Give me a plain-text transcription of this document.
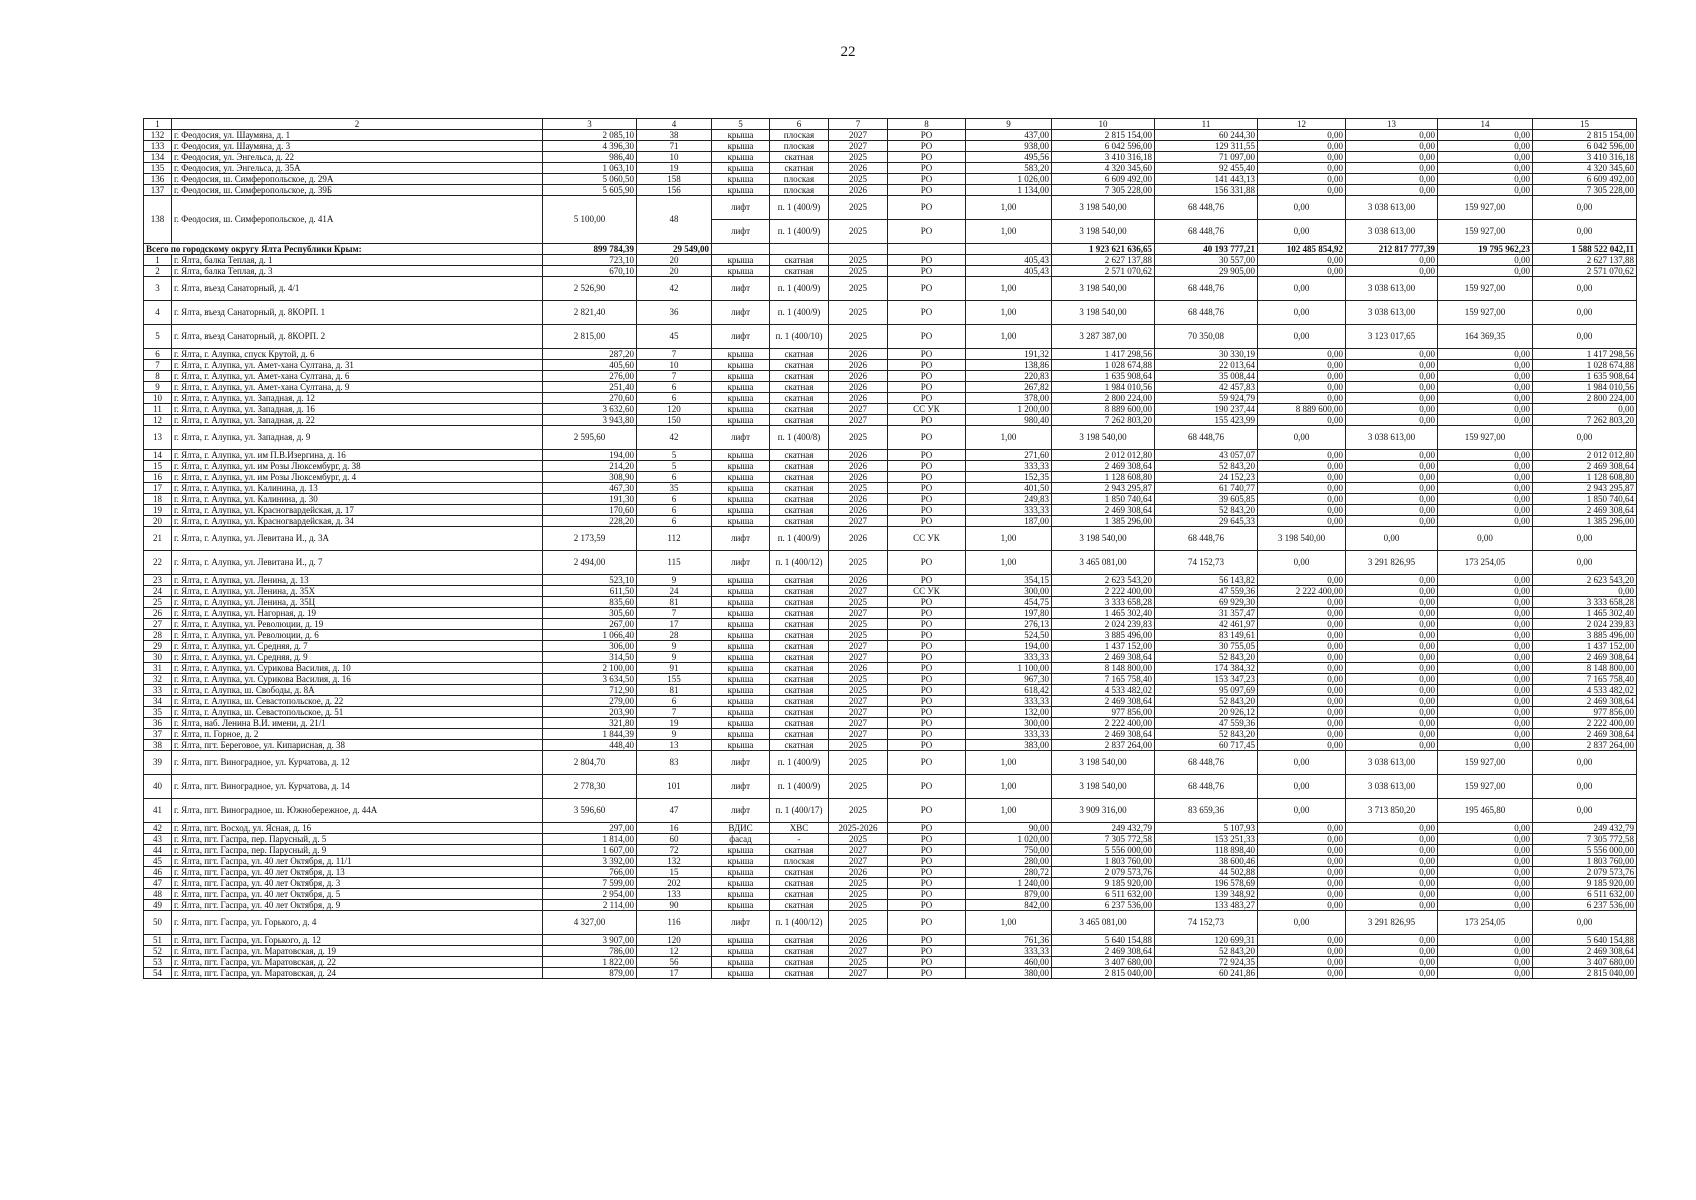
22
1	2	3	4	5	6	7	8	9	10	11	12	13	14	15
132	г. Феодосия, ул. Шаумяна, д. 1	2 085,10	38	крыша	плоская	2027	РО	437,00	2 815 154,00	60 244,30	0,00	0,00	0,00	2 815 154,00
133	г. Феодосия, ул. Шаумяна, д. 3	4 396,30	71	крыша	плоская	2027	РО	938,00	6 042 596,00	129 311,55	0,00	0,00	0,00	6 042 596,00
134	г. Феодосия, ул. Энгельса, д. 22	986,40	10	крыша	скатная	2025	РО	495,56	3 410 316,18	71 097,00	0,00	0,00	0,00	3 410 316,18
135	г. Феодосия, ул. Энгельса, д. 35А	1 063,10	19	крыша	скатная	2026	РО	583,20	4 320 345,60	92 455,40	0,00	0,00	0,00	4 320 345,60
136	г. Феодосия, ш. Симферопольское, д. 29А	5 060,50	158	крыша	плоская	2025	РО	1 026,00	6 609 492,00	141 443,13	0,00	0,00	0,00	6 609 492,00
137	г. Феодосия, ш. Симферопольское, д. 39Б	5 605,90	156	крыша	плоская	2026	РО	1 134,00	7 305 228,00	156 331,88	0,00	0,00	0,00	7 305 228,00
138	г. Феодосия, ш. Симферопольское, д. 41А	5 100,00	48	лифт	п. 1 (400/9)	2025	РО	1,00	3 198 540,00	68 448,76	0,00	3 038 613,00	159 927,00	0,00
				лифт	п. 1 (400/9)	2025	РО	1,00	3 198 540,00	68 448,76	0,00	3 038 613,00	159 927,00	0,00
Всего по городскому округу Ялта Республики Крым:		899 784,39	29 549,00						1 923 621 636,65	40 193 777,21	102 485 854,92	212 817 777,39	19 795 962,23	1 588 522 042,11
1	г. Ялта, балка Теплая, д. 1	723,10	20	крыша	скатная	2025	РО	405,43	2 627 137,88	30 557,00	0,00	0,00	0,00	2 627 137,88
2	г. Ялта, балка Теплая, д. 3	670,10	20	крыша	скатная	2025	РО	405,43	2 571 070,62	29 905,00	0,00	0,00	0,00	2 571 070,62
3	г. Ялта, въезд Санаторный, д. 4/1	2 526,90	42	лифт	п. 1 (400/9)	2025	РО	1,00	3 198 540,00	68 448,76	0,00	3 038 613,00	159 927,00	0,00
4	г. Ялта, въезд Санаторный, д. 8КОРП. 1	2 821,40	36	лифт	п. 1 (400/9)	2025	РО	1,00	3 198 540,00	68 448,76	0,00	3 038 613,00	159 927,00	0,00
5	г. Ялта, въезд Санаторный, д. 8КОРП. 2	2 815,00	45	лифт	п. 1 (400/10)	2025	РО	1,00	3 287 387,00	70 350,08	0,00	3 123 017,65	164 369,35	0,00
6	г. Ялта, г. Алупка, спуск Крутой, д. 6	287,20	7	крыша	скатная	2026	РО	191,32	1 417 298,56	30 330,19	0,00	0,00	0,00	1 417 298,56
7	г. Ялта, г. Алупка, ул. Амет-хана Султана, д. 31	405,60	10	крыша	скатная	2026	РО	138,86	1 028 674,88	22 013,64	0,00	0,00	0,00	1 028 674,88
8	г. Ялта, г. Алупка, ул. Амет-хана Султана, д. 6	276,00	7	крыша	скатная	2026	РО	220,83	1 635 908,64	35 008,44	0,00	0,00	0,00	1 635 908,64
9	г. Ялта, г. Алупка, ул. Амет-хана Султана, д. 9	251,40	6	крыша	скатная	2026	РО	267,82	1 984 010,56	42 457,83	0,00	0,00	0,00	1 984 010,56
10	г. Ялта, г. Алупка, ул. Западная, д. 12	270,60	6	крыша	скатная	2026	РО	378,00	2 800 224,00	59 924,79	0,00	0,00	0,00	2 800 224,00
11	г. Ялта, г. Алупка, ул. Западная, д. 16	3 632,60	120	крыша	скатная	2027	СС УК	1 200,00	8 889 600,00	190 237,44	8 889 600,00	0,00	0,00	0,00
12	г. Ялта, г. Алупка, ул. Западная, д. 22	3 943,80	150	крыша	скатная	2027	РО	980,40	7 262 803,20	155 423,99	0,00	0,00	0,00	7 262 803,20
13	г. Ялта, г. Алупка, ул. Западная, д. 9	2 595,60	42	лифт	п. 1 (400/8)	2025	РО	1,00	3 198 540,00	68 448,76	0,00	3 038 613,00	159 927,00	0,00
14	г. Ялта, г. Алупка, ул. им П.В.Изергина, д. 16	194,00	5	крыша	скатная	2026	РО	271,60	2 012 012,80	43 057,07	0,00	0,00	0,00	2 012 012,80
15	г. Ялта, г. Алупка, ул. им Розы Люксембург, д. 38	214,20	5	крыша	скатная	2026	РО	333,33	2 469 308,64	52 843,20	0,00	0,00	0,00	2 469 308,64
16	г. Ялта, г. Алупка, ул. им Розы Люксембург, д. 4	308,90	6	крыша	скатная	2026	РО	152,35	1 128 608,80	24 152,23	0,00	0,00	0,00	1 128 608,80
17	г. Ялта, г. Алупка, ул. Калинина, д. 13	467,30	35	крыша	скатная	2025	РО	401,50	2 943 295,87	61 740,77	0,00	0,00	0,00	2 943 295,87
18	г. Ялта, г. Алупка, ул. Калинина, д. 30	191,30	6	крыша	скатная	2026	РО	249,83	1 850 740,64	39 605,85	0,00	0,00	0,00	1 850 740,64
19	г. Ялта, г. Алупка, ул. Красногвардейская, д. 17	170,60	6	крыша	скатная	2026	РО	333,33	2 469 308,64	52 843,20	0,00	0,00	0,00	2 469 308,64
20	г. Ялта, г. Алупка, ул. Красногвардейская, д. 34	228,20	6	крыша	скатная	2027	РО	187,00	1 385 296,00	29 645,33	0,00	0,00	0,00	1 385 296,00
21	г. Ялта, г. Алупка, ул. Левитана И., д. 3А	2 173,59	112	лифт	п. 1 (400/9)	2026	СС УК	1,00	3 198 540,00	68 448,76	3 198 540,00	0,00	0,00	0,00
22	г. Ялта, г. Алупка, ул. Левитана И., д. 7	2 494,00	115	лифт	п. 1 (400/12)	2025	РО	1,00	3 465 081,00	74 152,73	0,00	3 291 826,95	173 254,05	0,00
23	г. Ялта, г. Алупка, ул. Ленина, д. 13	523,10	9	крыша	скатная	2026	РО	354,15	2 623 543,20	56 143,82	0,00	0,00	0,00	2 623 543,20
24	г. Ялта, г. Алупка, ул. Ленина, д. 35Х	611,50	24	крыша	скатная	2027	СС УК	300,00	2 222 400,00	47 559,36	2 222 400,00	0,00	0,00	0,00
25	г. Ялта, г. Алупка, ул. Ленина, д. 35Ц	835,60	81	крыша	скатная	2025	РО	454,75	3 333 658,28	69 929,30	0,00	0,00	0,00	3 333 658,28
26	г. Ялта, г. Алупка, ул. Нагорная, д. 19	305,60	7	крыша	скатная	2027	РО	197,80	1 465 302,40	31 357,47	0,00	0,00	0,00	1 465 302,40
27	г. Ялта, г. Алупка, ул. Революции, д. 19	267,00	17	крыша	скатная	2025	РО	276,13	2 024 239,83	42 461,97	0,00	0,00	0,00	2 024 239,83
28	г. Ялта, г. Алупка, ул. Революции, д. 6	1 066,40	28	крыша	скатная	2025	РО	524,50	3 885 496,00	83 149,61	0,00	0,00	0,00	3 885 496,00
29	г. Ялта, г. Алупка, ул. Средняя, д. 7	306,00	9	крыша	скатная	2027	РО	194,00	1 437 152,00	30 755,05	0,00	0,00	0,00	1 437 152,00
30	г. Ялта, г. Алупка, ул. Средняя, д. 9	314,50	9	крыша	скатная	2027	РО	333,33	2 469 308,64	52 843,20	0,00	0,00	0,00	2 469 308,64
31	г. Ялта, г. Алупка, ул. Сурикова Василия, д. 10	2 100,00	91	крыша	скатная	2026	РО	1 100,00	8 148 800,00	174 384,32	0,00	0,00	0,00	8 148 800,00
32	г. Ялта, г. Алупка, ул. Сурикова Василия, д. 16	3 634,50	155	крыша	скатная	2025	РО	967,30	7 165 758,40	153 347,23	0,00	0,00	0,00	7 165 758,40
33	г. Ялта, г. Алупка, ш. Свободы, д. 8А	712,90	81	крыша	скатная	2025	РО	618,42	4 533 482,02	95 097,69	0,00	0,00	0,00	4 533 482,02
34	г. Ялта, г. Алупка, ш. Севастопольское, д. 22	279,00	6	крыша	скатная	2027	РО	333,33	2 469 308,64	52 843,20	0,00	0,00	0,00	2 469 308,64
35	г. Ялта, г. Алупка, ш. Севастопольское, д. 51	203,90	7	крыша	скатная	2027	РО	132,00	977 856,00	20 926,12	0,00	0,00	0,00	977 856,00
36	г. Ялта, наб. Ленина В.И. имени, д. 21/1	321,80	19	крыша	скатная	2027	РО	300,00	2 222 400,00	47 559,36	0,00	0,00	0,00	2 222 400,00
37	г. Ялта, п. Горное, д. 2	1 844,39	9	крыша	скатная	2027	РО	333,33	2 469 308,64	52 843,20	0,00	0,00	0,00	2 469 308,64
38	г. Ялта, пгт. Береговое, ул. Кипарисная, д. 38	448,40	13	крыша	скатная	2025	РО	383,00	2 837 264,00	60 717,45	0,00	0,00	0,00	2 837 264,00
39	г. Ялта, пгт. Виноградное, ул. Курчатова, д. 12	2 804,70	83	лифт	п. 1 (400/9)	2025	РО	1,00	3 198 540,00	68 448,76	0,00	3 038 613,00	159 927,00	0,00
40	г. Ялта, пгт. Виноградное, ул. Курчатова, д. 14	2 778,30	101	лифт	п. 1 (400/9)	2025	РО	1,00	3 198 540,00	68 448,76	0,00	3 038 613,00	159 927,00	0,00
41	г. Ялта, пгт. Виноградное, ш. Южнобережное, д. 44А	3 596,60	47	лифт	п. 1 (400/17)	2025	РО	1,00	3 909 316,00	83 659,36	0,00	3 713 850,20	195 465,80	0,00
42	г. Ялта, пгт. Восход, ул. Ясная, д. 16	297,00	16	ВДИС	ХВС	2025-2026	РО	90,00	249 432,79	5 107,93	0,00	0,00	0,00	249 432,79
43	г. Ялта, пгт. Гаспра, пер. Парусный, д. 5	1 814,00	60	фасад	-	2025	РО	1 020,00	7 305 772,58	153 251,33	0,00	0,00	0,00	7 305 772,58
44	г. Ялта, пгт. Гаспра, пер. Парусный, д. 9	1 607,00	72	крыша	скатная	2027	РО	750,00	5 556 000,00	118 898,40	0,00	0,00	0,00	5 556 000,00
45	г. Ялта, пгт. Гаспра, ул. 40 лет Октября, д. 11/1	3 392,00	132	крыша	плоская	2027	РО	280,00	1 803 760,00	38 600,46	0,00	0,00	0,00	1 803 760,00
46	г. Ялта, пгт. Гаспра, ул. 40 лет Октября, д. 13	766,00	15	крыша	скатная	2026	РО	280,72	2 079 573,76	44 502,88	0,00	0,00	0,00	2 079 573,76
47	г. Ялта, пгт. Гаспра, ул. 40 лет Октября, д. 3	7 599,00	202	крыша	скатная	2025	РО	1 240,00	9 185 920,00	196 578,69	0,00	0,00	0,00	9 185 920,00
48	г. Ялта, пгт. Гаспра, ул. 40 лет Октября, д. 5	2 954,00	133	крыша	скатная	2025	РО	879,00	6 511 632,00	139 348,92	0,00	0,00	0,00	6 511 632,00
49	г. Ялта, пгт. Гаспра, ул. 40 лет Октября, д. 9	2 114,00	90	крыша	скатная	2025	РО	842,00	6 237 536,00	133 483,27	0,00	0,00	0,00	6 237 536,00
50	г. Ялта, пгт. Гаспра, ул. Горького, д. 4	4 327,00	116	лифт	п. 1 (400/12)	2025	РО	1,00	3 465 081,00	74 152,73	0,00	3 291 826,95	173 254,05	0,00
51	г. Ялта, пгт. Гаспра, ул. Горького, д. 12	3 907,00	120	крыша	скатная	2026	РО	761,36	5 640 154,88	120 699,31	0,00	0,00	0,00	5 640 154,88
52	г. Ялта, пгт. Гаспра, ул. Маратовская, д. 19	786,00	12	крыша	скатная	2027	РО	333,33	2 469 308,64	52 843,20	0,00	0,00	0,00	2 469 308,64
53	г. Ялта, пгт. Гаспра, ул. Маратовская, д. 22	1 822,00	56	крыша	скатная	2025	РО	460,00	3 407 680,00	72 924,35	0,00	0,00	0,00	3 407 680,00
54	г. Ялта, пгт. Гаспра, ул. Маратовская, д. 24	879,00	17	крыша	скатная	2027	РО	380,00	2 815 040,00	60 241,86	0,00	0,00	0,00	2 815 040,00
